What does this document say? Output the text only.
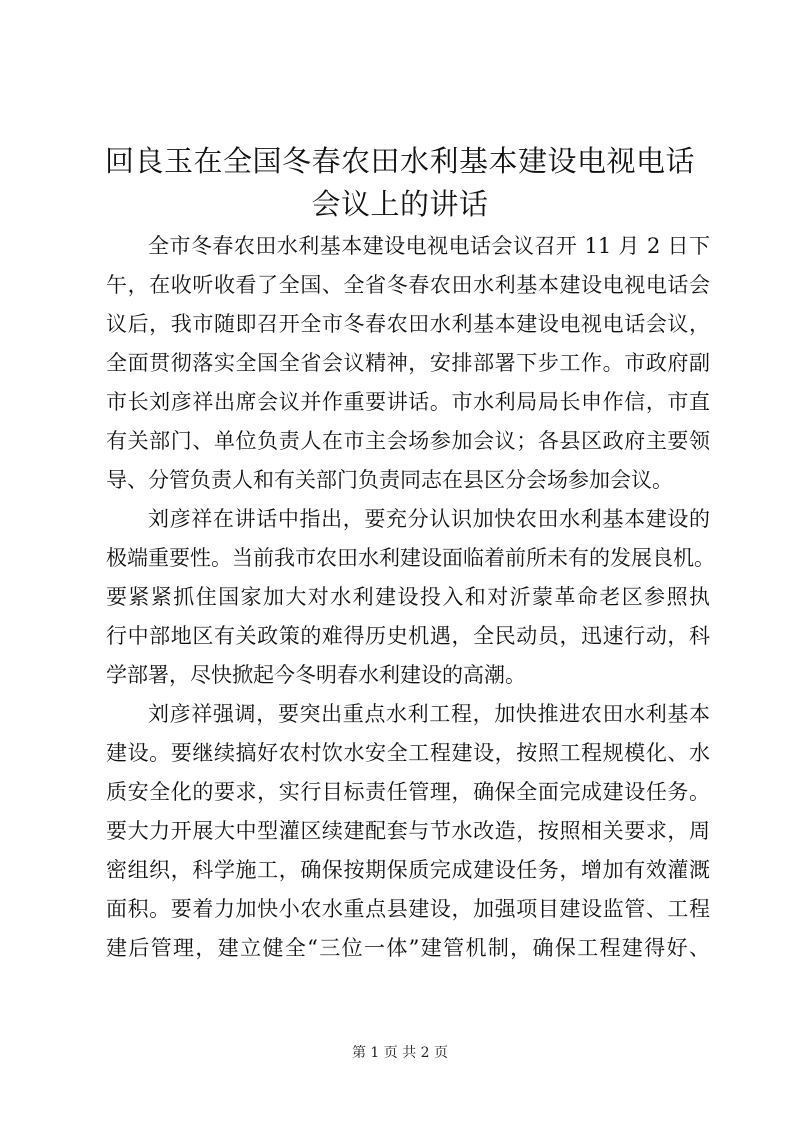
回良玉在全国冬春农田水利基本建设电视电话
会议上的讲话

全市冬春农田水利基本建设电视电话会议召开 11 月 2 日下
午，在收听收看了全国、全省冬春农田水利基本建设电视电话会
议后，我市随即召开全市冬春农田水利基本建设电视电话会议，
全面贯彻落实全国全省会议精神，安排部署下步工作。市政府副
市长刘彦祥出席会议并作重要讲话。市水利局局长申作信，市直
有关部门、单位负责人在市主会场参加会议；各县区政府主要领
导、分管负责人和有关部门负责同志在县区分会场参加会议。

刘彦祥在讲话中指出，要充分认识加快农田水利基本建设的
极端重要性。当前我市农田水利建设面临着前所未有的发展良机。
要紧紧抓住国家加大对水利建设投入和对沂蒙革命老区参照执
行中部地区有关政策的难得历史机遇，全民动员，迅速行动，科
学部署，尽快掀起今冬明春水利建设的高潮。

刘彦祥强调，要突出重点水利工程，加快推进农田水利基本
建设。要继续搞好农村饮水安全工程建设，按照工程规模化、水
质安全化的要求，实行目标责任管理，确保全面完成建设任务。
要大力开展大中型灌区续建配套与节水改造，按照相关要求，周
密组织，科学施工，确保按期保质完成建设任务，增加有效灌溉
面积。要着力加快小农水重点县建设，加强项目建设监管、工程
建后管理，建立健全“三位一体”建管机制，确保工程建得好、

第 1 页 共 2 页
